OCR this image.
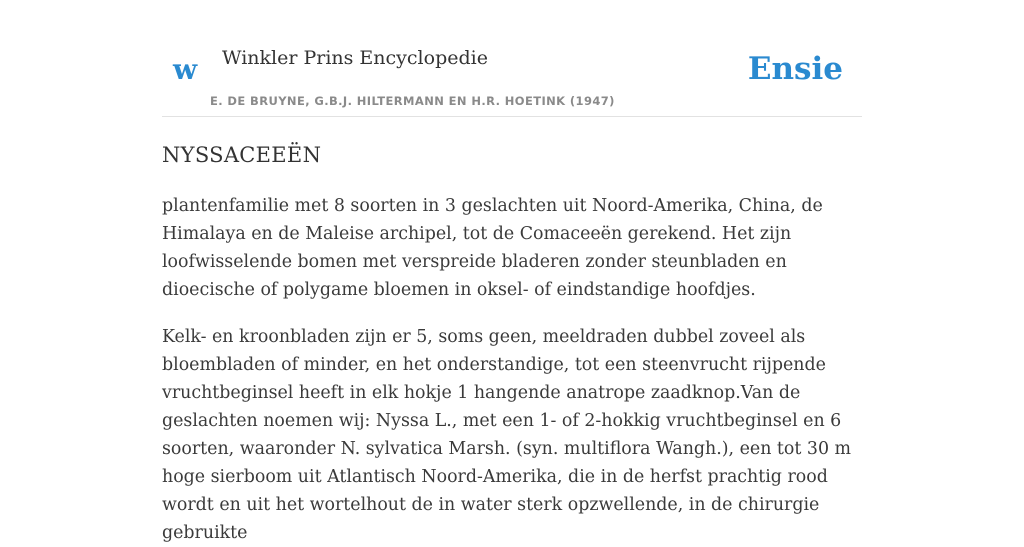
w Winkler Prins Encyclopedie
E. DE BRUYNE, G.B.J. HILTERMANN EN H.R. HOETINK (1947)
Ensie
NYSSACEEËN

plantenfamilie met 8 soorten in 3 geslachten uit Noord-Amerika, China, de Himalaya en de Maleise archipel, tot de Comaceeën gerekend. Het zijn loofwisselende bomen met verspreide bladeren zonder steunbladen en dioecische of polygame bloemen in oksel- of eindstandige hoofdjes.

Kelk- en kroonbladen zijn er 5, soms geen, meeldraden dubbel zoveel als bloembladen of minder, en het onderstandige, tot een steenvrucht rijpende vruchtbeginsel heeft in elk hokje 1 hangende anatrope zaadknop.Van de geslachten noemen wij: Nyssa L., met een 1- of 2-hokkig vruchtbeginsel en 6 soorten, waaronder N. sylvatica Marsh. (syn. multiflora Wangh.), een tot 30 m hoge sierboom uit Atlantisch Noord-Amerika, die in de herfst prachtig rood wordt en uit het wortelhout de in water sterk opzwellende, in de chirurgie gebruikte
